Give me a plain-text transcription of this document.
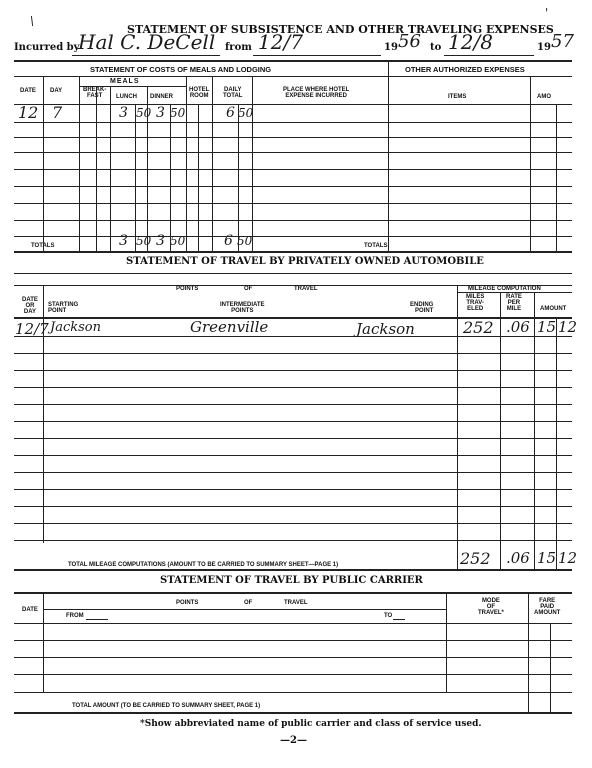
\
STATEMENT OF SUBSISTENCE AND OTHER TRAVELING EXPENSES
'
Incurred by
Hal C. DeCell from 12/7	19 56 to 12/8	19 57
STATEMENT OF COSTS OF MEALS AND LODGING	OTHER AUTHORIZED EXPENSES
MEALS
DATE DAY	BREAK-
FAST	LUNCH DINNER
HOTEL
ROOM
DAILY
TOTAL
PLACE WHERE HOTEL
EXPENSE INCURRED	ITEMS	AMO
12 7	3 50 3 50	6 50
TOTALS	3 50 3 50	6 50	TOTALS
STATEMENT OF TRAVEL BY PRIVATELY OWNED AUTOMOBILE
POINTS	OF	TRAVEL	MILEAGE COMPUTATION
DATE
OR
DAY
STARTING
POINT
INTERMEDIATE
POINTS
ENDING
POINT
MILES
TRAV-
ELED
RATE
PER
MILE	AMOUNT
12/7 Jackson	Greenville	Jackson	252 .06 15 12
TOTAL MILEAGE COMPUTATIONS (AMOUNT TO BE CARRIED TO SUMMARY SHEET—PAGE 1)	252 .06 15 12
STATEMENT OF TRAVEL BY PUBLIC CARRIER
POINTS	OF	TRAVEL
DATE
FROM	TO
MODE
OF
TRAVEL*
FARE
PAID
AMOUNT
TOTAL AMOUNT (TO BE CARRIED TO SUMMARY SHEET, PAGE 1)
*Show abbreviated name of public carrier and class of service used.
—2—
